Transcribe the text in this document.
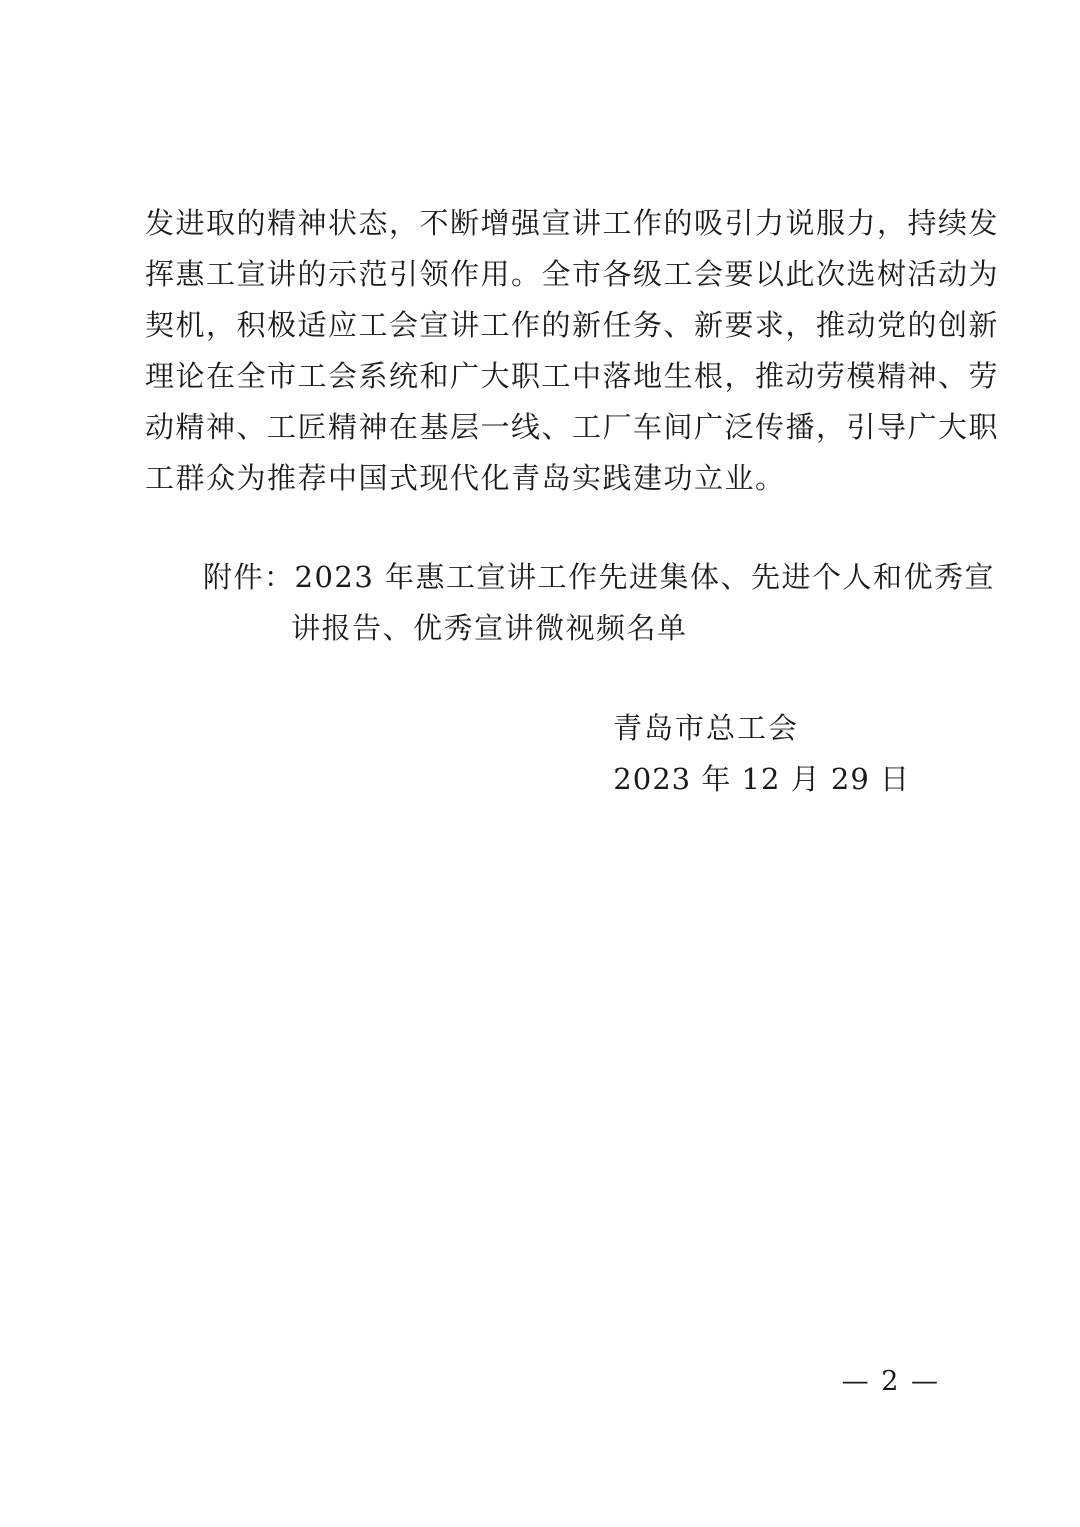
发进取的精神状态，不断增强宣讲工作的吸引力说服力，持续发
挥惠工宣讲的示范引领作用。全市各级工会要以此次选树活动为
契机，积极适应工会宣讲工作的新任务、新要求，推动党的创新
理论在全市工会系统和广大职工中落地生根，推动劳模精神、劳
动精神、工匠精神在基层一线、工厂车间广泛传播，引导广大职
工群众为推荐中国式现代化青岛实践建功立业。
附件：2023 年惠工宣讲工作先进集体、先进个人和优秀宣
讲报告、优秀宣讲微视频名单
青岛市总工会
2023 年 12 月 29 日
— 2 —
